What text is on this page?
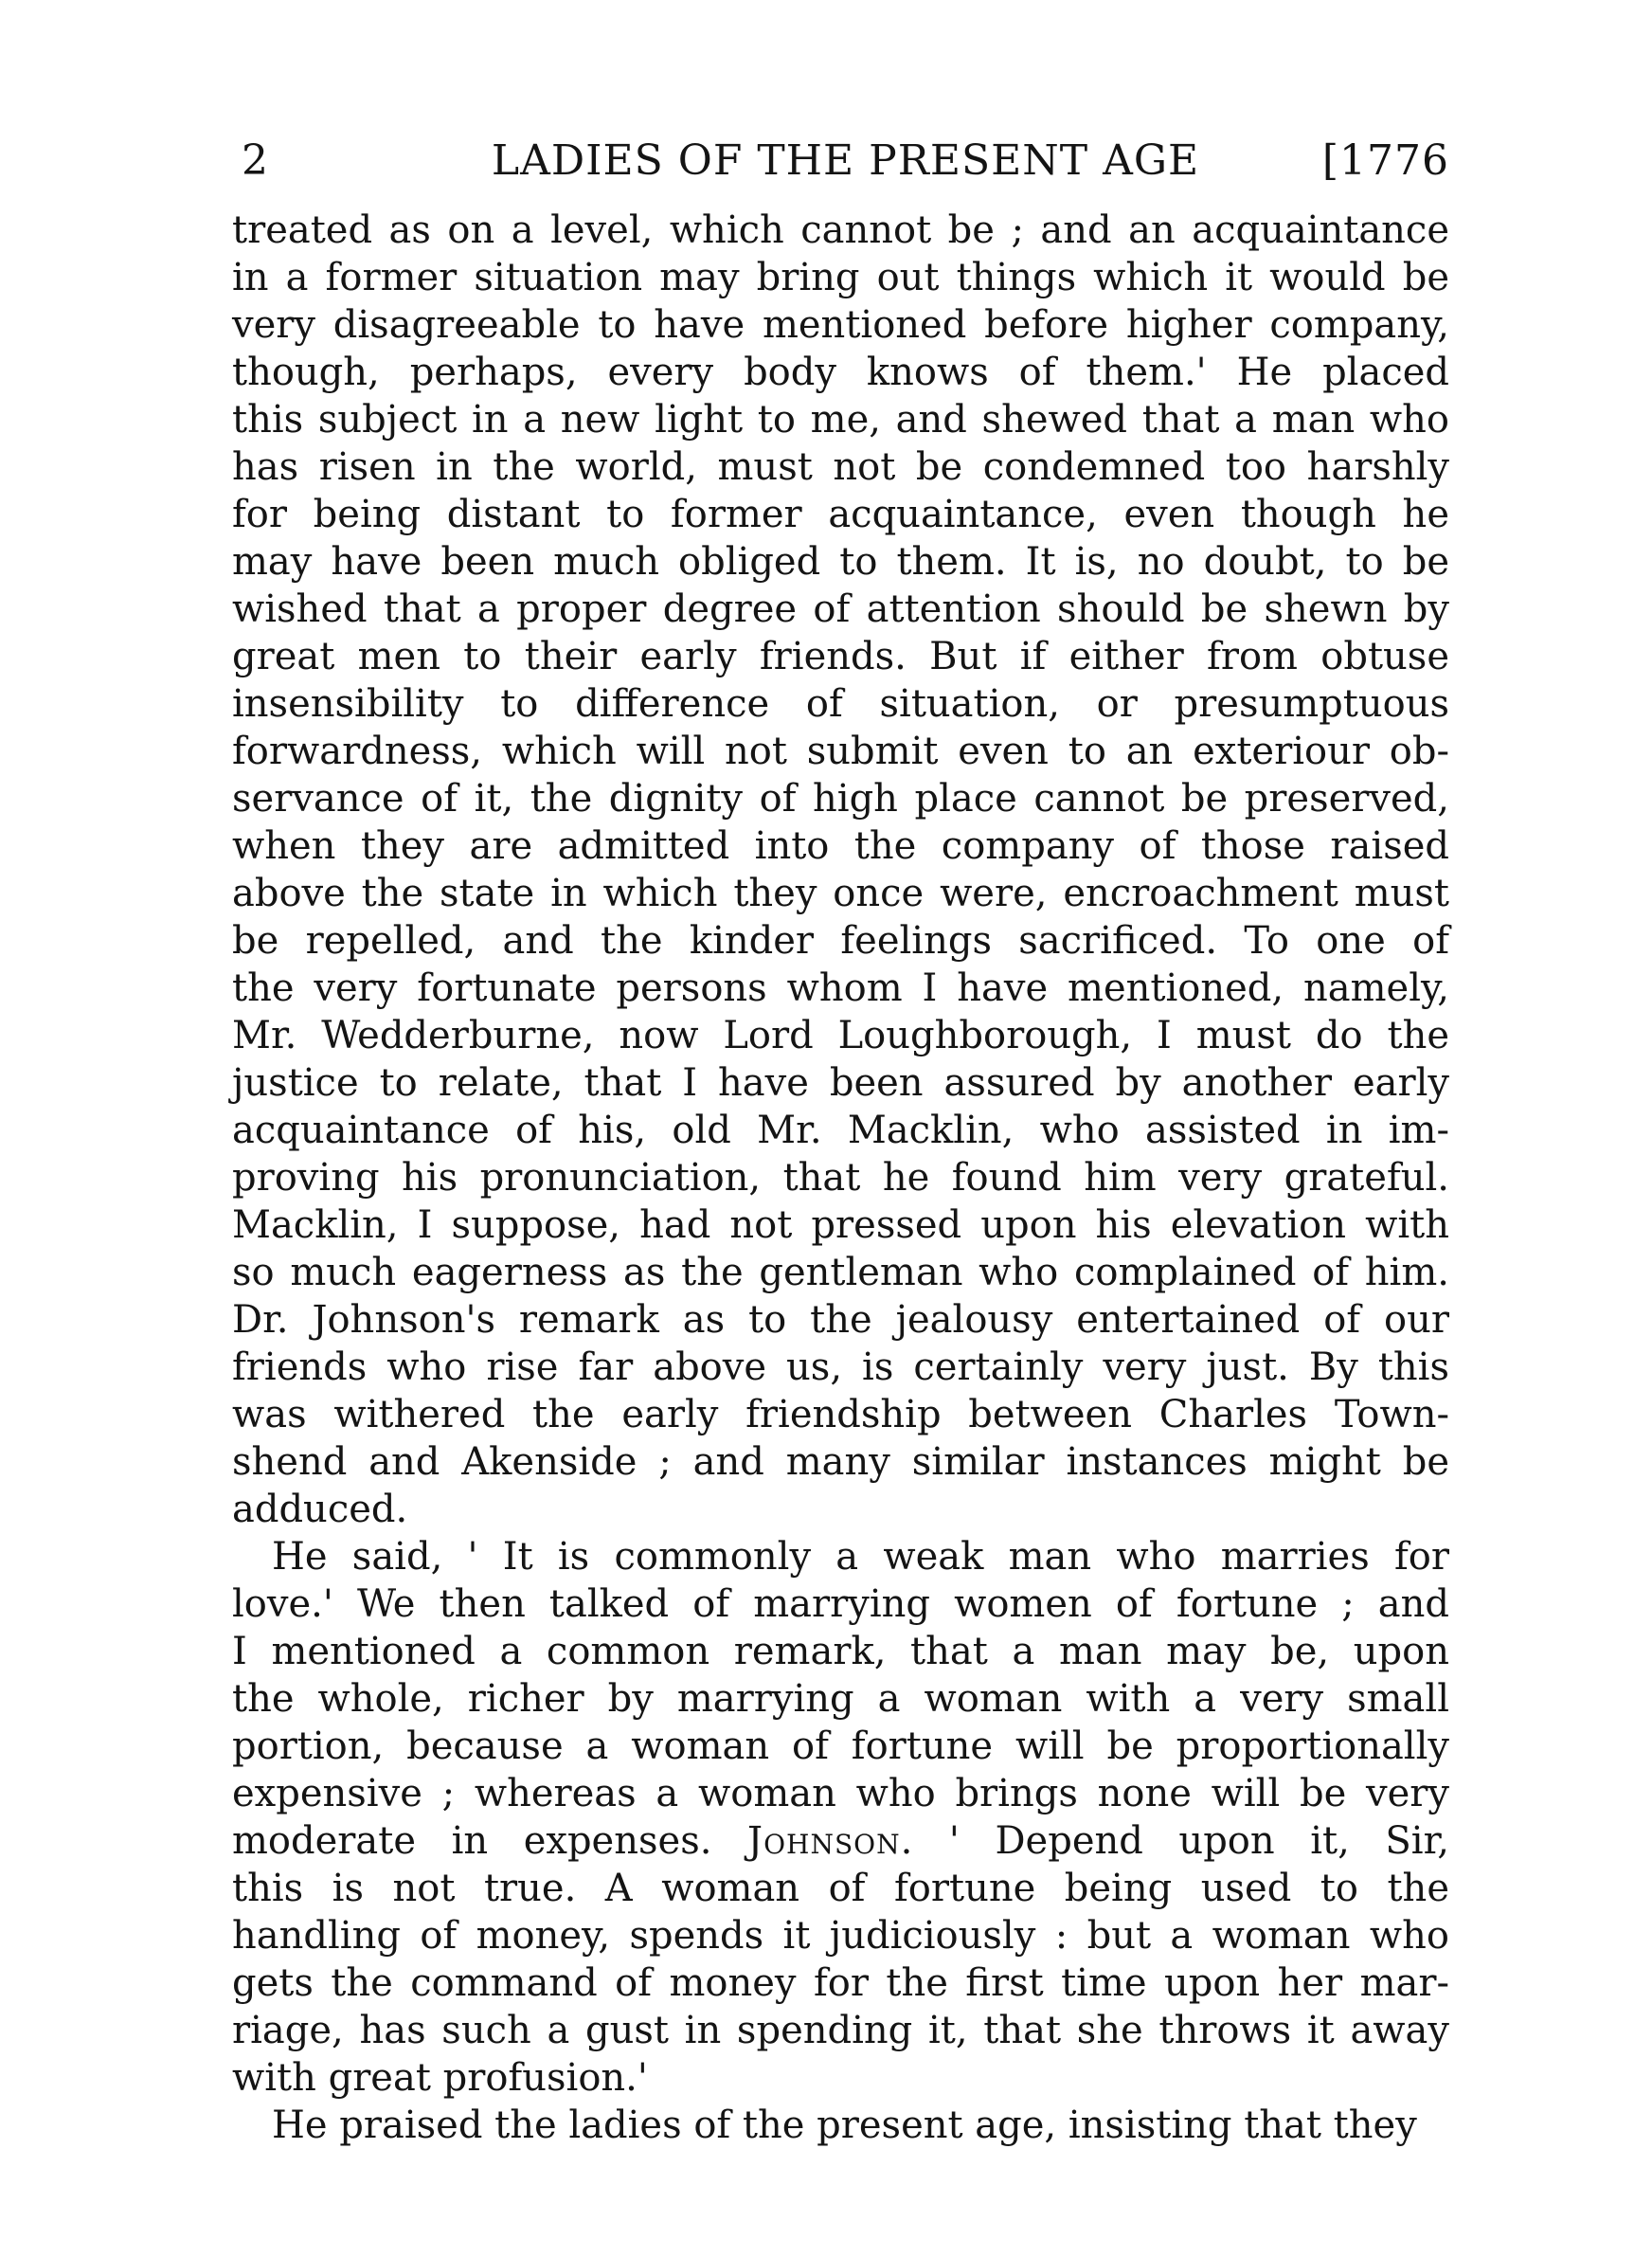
2	LADIES OF THE PRESENT AGE	[1776
treated as on a level, which cannot be ; and an acquaintance
in a former situation may bring out things which it would be
very disagreeable to have mentioned before higher company,
though, perhaps, every body knows of them.' He placed
this subject in a new light to me, and shewed that a man who
has risen in the world, must not be condemned too harshly
for being distant to former acquaintance, even though he
may have been much obliged to them. It is, no doubt, to be
wished that a proper degree of attention should be shewn by
great men to their early friends. But if either from obtuse
insensibility to difference of situation, or presumptuous
forwardness, which will not submit even to an exteriour ob-
servance of it, the dignity of high place cannot be preserved,
when they are admitted into the company of those raised
above the state in which they once were, encroachment must
be repelled, and the kinder feelings sacrificed. To one of
the very fortunate persons whom I have mentioned, namely,
Mr. Wedderburne, now Lord Loughborough, I must do the
justice to relate, that I have been assured by another early
acquaintance of his, old Mr. Macklin, who assisted in im-
proving his pronunciation, that he found him very grateful.
Macklin, I suppose, had not pressed upon his elevation with
so much eagerness as the gentleman who complained of him.
Dr. Johnson's remark as to the jealousy entertained of our
friends who rise far above us, is certainly very just. By this
was withered the early friendship between Charles Town-
shend and Akenside ; and many similar instances might be
adduced.
He said, ' It is commonly a weak man who marries for
love.' We then talked of marrying women of fortune ; and
I mentioned a common remark, that a man may be, upon
the whole, richer by marrying a woman with a very small
portion, because a woman of fortune will be proportionally
expensive ; whereas a woman who brings none will be very
moderate in expenses. Johnson. ' Depend upon it, Sir,
this is not true. A woman of fortune being used to the
handling of money, spends it judiciously : but a woman who
gets the command of money for the first time upon her mar-
riage, has such a gust in spending it, that she throws it away
with great profusion.'
He praised the ladies of the present age, insisting that they
